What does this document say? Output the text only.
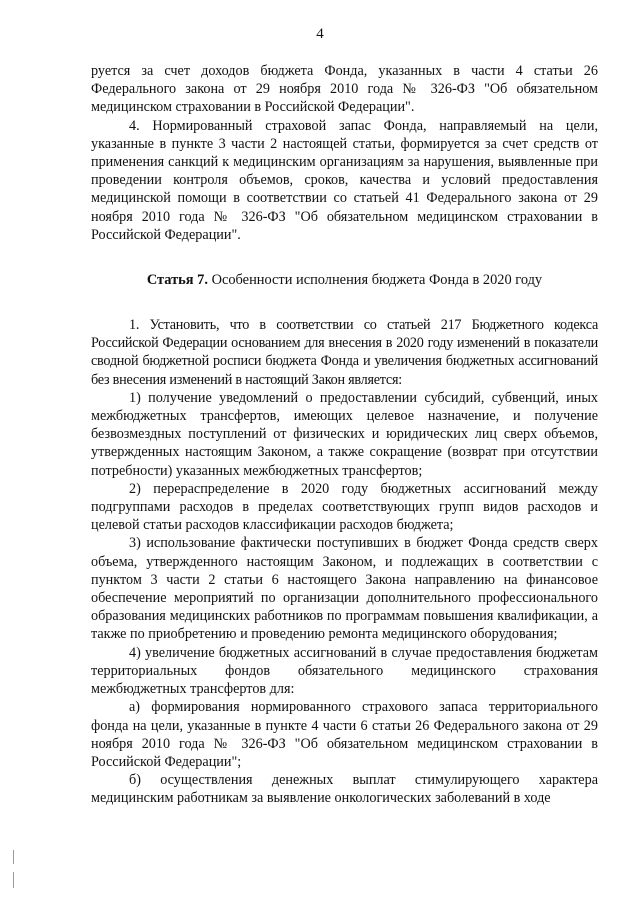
4
руется за счет доходов бюджета Фонда, указанных в части 4 статьи 26 Федерального закона от 29 ноября 2010 года № 326-ФЗ "Об обязательном медицинском страховании в Российской Федерации".
4. Нормированный страховой запас Фонда, направляемый на цели, указанные в пункте 3 части 2 настоящей статьи, формируется за счет средств от применения санкций к медицинским организациям за нарушения, выявленные при проведении контроля объемов, сроков, качества и условий предоставления медицинской помощи в соответствии со статьей 41 Федерального закона от 29 ноября 2010 года № 326-ФЗ "Об обязательном медицинском страховании в Российской Федерации".
Статья 7. Особенности исполнения бюджета Фонда в 2020 году
1. Установить, что в соответствии со статьей 217 Бюджетного кодекса Российской Федерации основанием для внесения в 2020 году изменений в показатели сводной бюджетной росписи бюджета Фонда и увеличения бюджетных ассигнований без внесения изменений в настоящий Закон является:
1) получение уведомлений о предоставлении субсидий, субвенций, иных межбюджетных трансфертов, имеющих целевое назначение, и получение безвозмездных поступлений от физических и юридических лиц сверх объемов, утвержденных настоящим Законом, а также сокращение (возврат при отсутствии потребности) указанных межбюджетных трансфертов;
2) перераспределение в 2020 году бюджетных ассигнований между подгруппами расходов в пределах соответствующих групп видов расходов и целевой статьи расходов классификации расходов бюджета;
3) использование фактически поступивших в бюджет Фонда средств сверх объема, утвержденного настоящим Законом, и подлежащих в соответствии с пунктом 3 части 2 статьи 6 настоящего Закона направлению на финансовое обеспечение мероприятий по организации дополнительного профессионального образования медицинских работников по программам повышения квалификации, а также по приобретению и проведению ремонта медицинского оборудования;
4) увеличение бюджетных ассигнований в случае предоставления бюджетам территориальных фондов обязательного медицинского страхования межбюджетных трансфертов для:
а) формирования нормированного страхового запаса территориального фонда на цели, указанные в пункте 4 части 6 статьи 26 Федерального закона от 29 ноября 2010 года № 326-ФЗ "Об обязательном медицинском страховании в Российской Федерации";
б) осуществления денежных выплат стимулирующего характера медицинским работникам за выявление онкологических заболеваний в ходе
